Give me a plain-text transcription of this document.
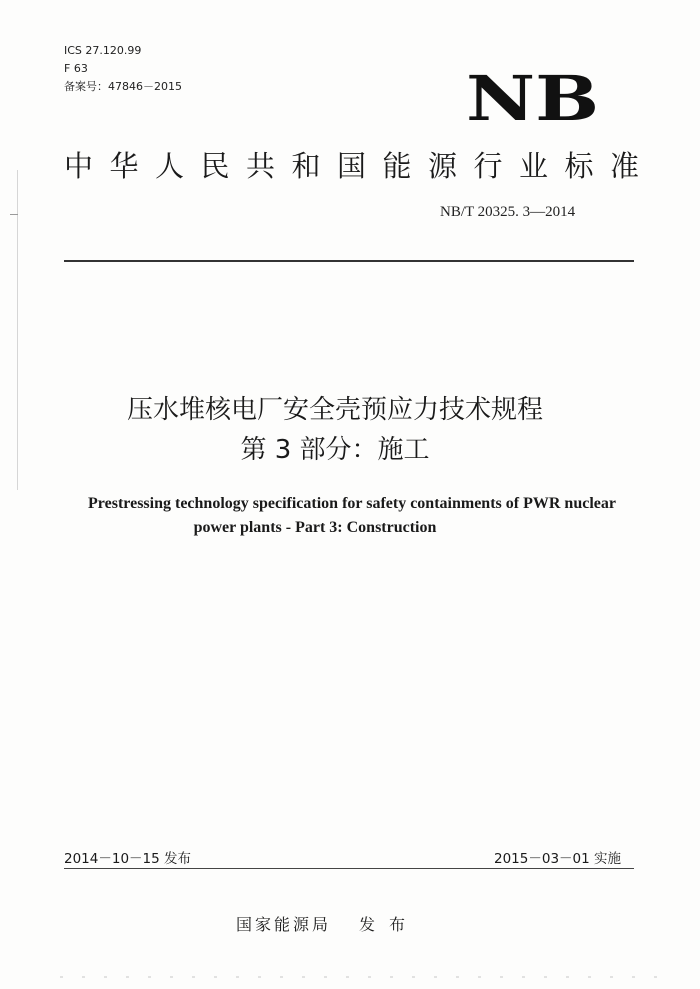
ICS 27.120.99
F 63
备案号：47846－2015	NB
中华人民共和国能源行业标准
NB/T 20325. 3—2014
压水堆核电厂安全壳预应力技术规程
第 3 部分：施工
Prestressing technology specification for safety containments of PWR nuclear
power plants - Part 3: Construction
2014－10－15 发布	2015－03－01 实施
国家能源局 发布
